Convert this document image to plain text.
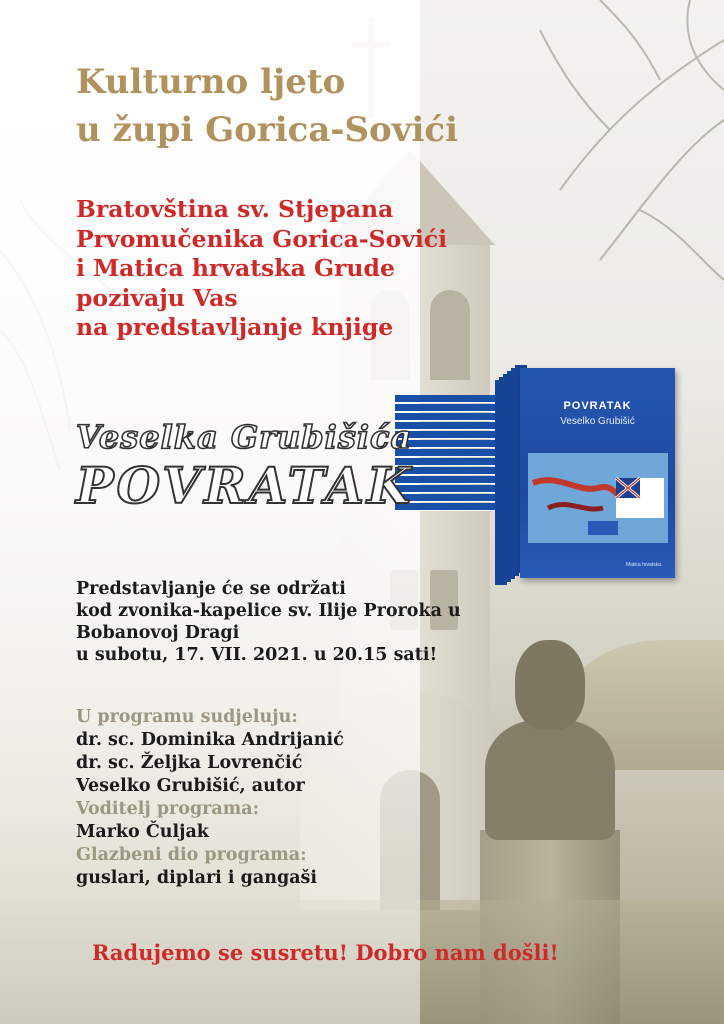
Kulturno ljeto
u župi Gorica-Sovići
Bratovština sv. Stjepana
Prvomučenika Gorica-Sovići
i Matica hrvatska Grude
pozivaju Vas
na predstavljanje knjige
POVRATAK
Veselko Grubišić
Matica hrvatska
Veselka Grubišića
POVRATAK
Predstavljanje će se održati
kod zvonika-kapelice sv. Ilije Proroka u
Bobanovoj Dragi
u subotu, 17. VII. 2021. u 20.15 sati!
U programu sudjeluju:
dr. sc. Dominika Andrijanić
dr. sc. Željka Lovrenčić
Veselko Grubišić, autor
Voditelj programa:
Marko Čuljak
Glazbeni dio programa:
guslari, diplari i gangaši
Radujemo se susretu! Dobro nam došli!
